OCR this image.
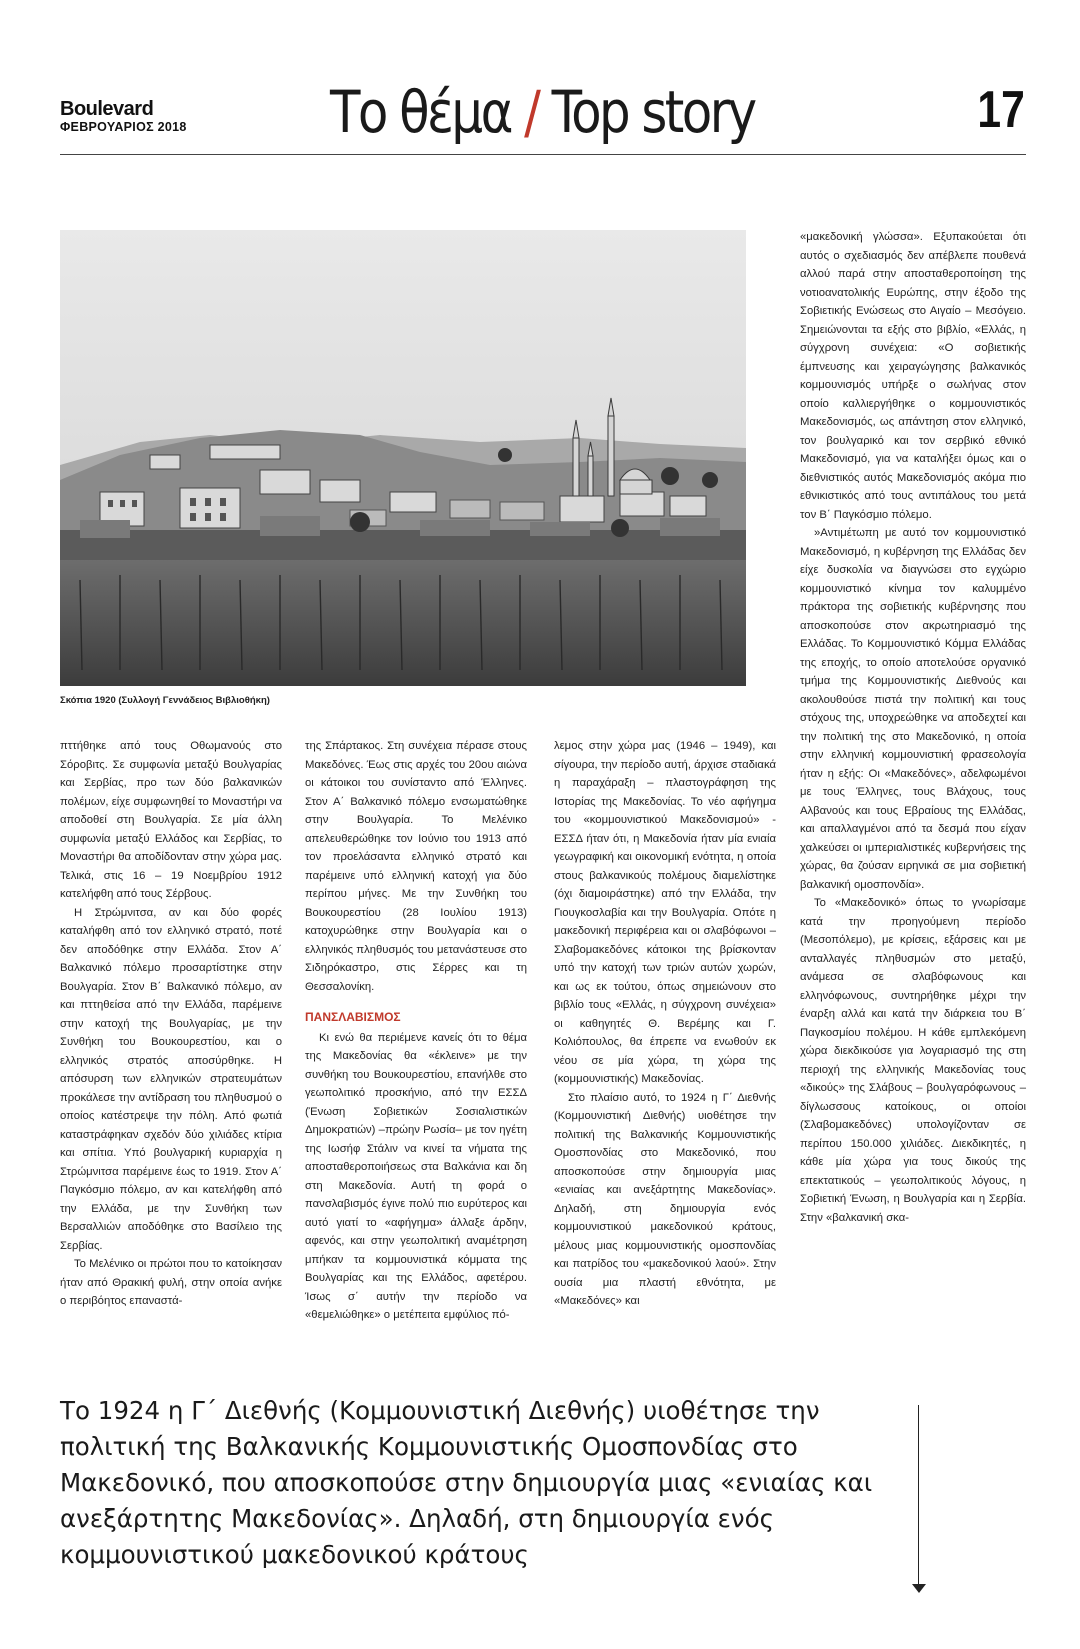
Boulevard
ΦΕΒΡΟΥΑΡΙΟΣ 2018 Το θέμα / Top story	17
Σκόπια 1920 (Συλλογή Γεννάδειος Βιβλιοθήκη)

πττήθηκε από τους Οθωμανούς στο Σόροβιτς. Σε συμφωνία μεταξύ Βουλγαρίας και Σερβίας, προ των δύο βαλκανικών πολέμων, είχε συμφωνηθεί το Μοναστήρι να αποδοθεί στη Βουλγαρία. Σε μία άλλη συμφωνία μεταξύ Ελλάδος και Σερβίας, το Μοναστήρι θα αποδίδονταν στην χώρα μας. Τελικά, στις 16 – 19 Νοεμβρίου 1912 κατελήφθη από τους Σέρβους.

Η Στρώμνιτσα, αν και δύο φορές καταλήφθη από τον ελληνικό στρατό, ποτέ δεν αποδόθηκε στην Ελλάδα. Στον Α΄ Βαλκανικό πόλεμο προσαρτίστηκε στην Βουλγαρία. Στον Β΄ Βαλκανικό πόλεμο, αν και πττηθείσα από την Ελλάδα, παρέμεινε στην κατοχή της Βουλγαρίας, με την Συνθήκη του Βουκουρεστίου, και ο ελληνικός στρατός αποσύρθηκε. Η απόσυρση των ελληνικών στρατευμάτων προκάλεσε την αντίδραση του πληθυσμού ο οποίος κατέστρεψε την πόλη. Από φωτιά καταστράφηκαν σχεδόν δύο χιλιάδες κτίρια και σπίτια. Υπό βουλγαρική κυριαρχία η Στρώμνιτσα παρέμεινε έως το 1919. Στον Α΄ Παγκόσμιο πόλεμο, αν και κατελήφθη από την Ελλάδα, με την Συνθήκη των Βερσαλλιών αποδόθηκε στο Βασίλειο της Σερβίας.

Το Μελένικο οι πρώτοι που το κατοίκησαν ήταν από Θρακική φυλή, στην οποία ανήκε ο περιβόητος επαναστά-

της Σπάρτακος. Στη συνέχεια πέρασε στους Μακεδόνες. Έως στις αρχές του 20ου αιώνα οι κάτοικοι του συνίσταντο από Έλληνες. Στον Α΄ Βαλκανικό πόλεμο ενσωματώθηκε στην Βουλγαρία. Το Μελένικο απελευθερώθηκε τον Ιούνιο του 1913 από τον προελάσαντα ελληνικό στρατό και παρέμεινε υπό ελληνική κατοχή για δύο περίπου μήνες. Με την Συνθήκη του Βουκουρεστίου (28 Ιουλίου 1913) κατοχυρώθηκε στην Βουλγαρία και ο ελληνικός πληθυσμός του μετανάστευσε στο Σιδηρόκαστρο, στις Σέρρες και τη Θεσσαλονίκη.

ΠΑΝΣΛΑΒΙΣΜΟΣ

Κι ενώ θα περιέμενε κανείς ότι το θέμα της Μακεδονίας θα «έκλεινε» με την συνθήκη του Βουκουρεστίου, επανήλθε στο γεωπολιτικό προσκήνιο, από την ΕΣΣΔ (Ένωση Σοβιετικών Σοσιαλιστικών Δημοκρατιών) –πρώην Ρωσία– με τον ηγέτη της Ιωσήφ Στάλιν να κινεί τα νήματα της αποσταθεροποιήσεως στα Βαλκάνια και δη στη Μακεδονία. Αυτή τη φορά ο πανσλαβισμός έγινε πολύ πιο ευρύτερος και αυτό γιατί το «αφήγημα» άλλαξε άρδην, αφενός, και στην γεωπολιτική αναμέτρηση μπήκαν τα κομμουνιστικά κόμματα της Βουλγαρίας και της Ελλάδος, αφετέρου. Ίσως σ΄ αυτήν την περίοδο να «θεμελιώθηκε» ο μετέπειτα εμφύλιος πό-

λεμος στην χώρα μας (1946 – 1949), και σίγουρα, την περίοδο αυτή, άρχισε σταδιακά η παραχάραξη – πλαστογράφηση της Ιστορίας της Μακεδονίας. Το νέο αφήγημα του «κομμουνιστικού Μακεδονισμού» - ΕΣΣΔ ήταν ότι, η Μακεδονία ήταν μία ενιαία γεωγραφική και οικονομική ενότητα, η οποία στους βαλκανικούς πολέμους διαμελίστηκε (όχι διαμοιράστηκε) από την Ελλάδα, την Γιουγκοσλαβία και την Βουλγαρία. Οπότε η μακεδονική περιφέρεια και οι σλαβόφωνοι – Σλαβομακεδόνες κάτοικοι της βρίσκονταν υπό την κατοχή των τριών αυτών χωρών, και ως εκ τούτου, όπως σημειώνουν στο βιβλίο τους «Ελλάς, η σύγχρονη συνέχεια» οι καθηγητές Θ. Βερέμης και Γ. Κολιόπουλος, θα έπρεπε να ενωθούν εκ νέου σε μία χώρα, τη χώρα της (κομμουνιστικής) Μακεδονίας.

Στο πλαίσιο αυτό, το 1924 η Γ΄ Διεθνής (Κομμουνιστική Διεθνής) υιοθέτησε την πολιτική της Βαλκανικής Κομμουνιστικής Ομοσπονδίας στο Μακεδονικό, που αποσκοπούσε στην δημιουργία μιας «ενιαίας και ανεξάρτητης Μακεδονίας». Δηλαδή, στη δημιουργία ενός κομμουνιστικού μακεδονικού κράτους, μέλους μιας κομμουνιστικής ομοσπονδίας και πατρίδος του «μακεδονικού λαού». Στην ουσία μια πλαστή εθνότητα, με «Μακεδόνες» και

«μακεδονική γλώσσα». Εξυπακούεται ότι αυτός ο σχεδιασμός δεν απέβλεπε πουθενά αλλού παρά στην αποσταθεροποίηση της νοτιοανατολικής Ευρώπης, στην έξοδο της Σοβιετικής Ενώσεως στο Αιγαίο – Μεσόγειο. Σημειώνονται τα εξής στο βιβλίο, «Ελλάς, η σύγχρονη συνέχεια: «Ο σοβιετικής έμπνευσης και χειραγώγησης βαλκανικός κομμουνισμός υπήρξε ο σωλήνας στον οποίο καλλιεργήθηκε ο κομμουνιστικός Μακεδονισμός, ως απάντηση στον ελληνικό, τον βουλγαρικό και τον σερβικό εθνικό Μακεδονισμό, για να καταλήξει όμως και ο διεθνιστικός αυτός Μακεδονισμός ακόμα πιο εθνικιστικός από τους αντιπάλους του μετά τον Β΄ Παγκόσμιο πόλεμο.

»Αντιμέτωπη με αυτό τον κομμουνιστικό Μακεδονισμό, η κυβέρνηση της Ελλάδας δεν είχε δυσκολία να διαγνώσει στο εγχώριο κομμουνιστικό κίνημα τον καλυμμένο πράκτορα της σοβιετικής κυβέρνησης που αποσκοπούσε στον ακρωτηριασμό της Ελλάδας. Το Κομμουνιστικό Κόμμα Ελλάδας της εποχής, το οποίο αποτελούσε οργανικό τμήμα της Κομμουνιστικής Διεθνούς και ακολουθούσε πιστά την πολιτική και τους στόχους της, υποχρεώθηκε να αποδεχτεί και την πολιτική της στο Μακεδονικό, η οποία στην ελληνική κομμουνιστική φρασεολογία ήταν η εξής: Οι «Μακεδόνες», αδελφωμένοι με τους Έλληνες, τους Βλάχους, τους Αλβανούς και τους Εβραίους της Ελλάδας, και απαλλαγμένοι από τα δεσμά που είχαν χαλκεύσει οι ιμπεριαλιστικές κυβερνήσεις της χώρας, θα ζούσαν ειρηνικά σε μια σοβιετική βαλκανική ομοσπονδία».

Το «Μακεδονικό» όπως το γνωρίσαμε κατά την προηγούμενη περίοδο (Μεσοπόλεμο), με κρίσεις, εξάρσεις και με ανταλλαγές πληθυσμών στο μεταξύ, ανάμεσα σε σλαβόφωνους και ελληνόφωνους, συντηρήθηκε μέχρι την έναρξη αλλά και κατά την διάρκεια του Β΄ Παγκοσμίου πολέμου. Η κάθε εμπλεκόμενη χώρα διεκδικούσε για λογαριασμό της στη περιοχή της ελληνικής Μακεδονίας τους «δικούς» της Σλάβους – βουλγαρόφωνους – δίγλωσσους κατοίκους, οι οποίοι (Σλαβομακεδόνες) υπολογίζονταν σε περίπου 150.000 χιλιάδες. Διεκδικητές, η κάθε μία χώρα για τους δικούς της επεκτατικούς – γεωπολιτικούς λόγους, η Σοβιετική Ένωση, η Βουλγαρία και η Σερβία. Στην «βαλκανική σκα-

Το 1924 η Γ΄ Διεθνής (Κομμουνιστική Διεθνής) υιοθέτησε την πολιτική της Βαλκανικής Κομμουνιστικής Ομοσπονδίας στο Μακεδονικό, που αποσκοπούσε στην δημιουργία μιας «ενιαίας και ανεξάρτητης Μακεδονίας». Δηλαδή, στη δημιουργία ενός κομμουνιστικού μακεδονικού κράτους
